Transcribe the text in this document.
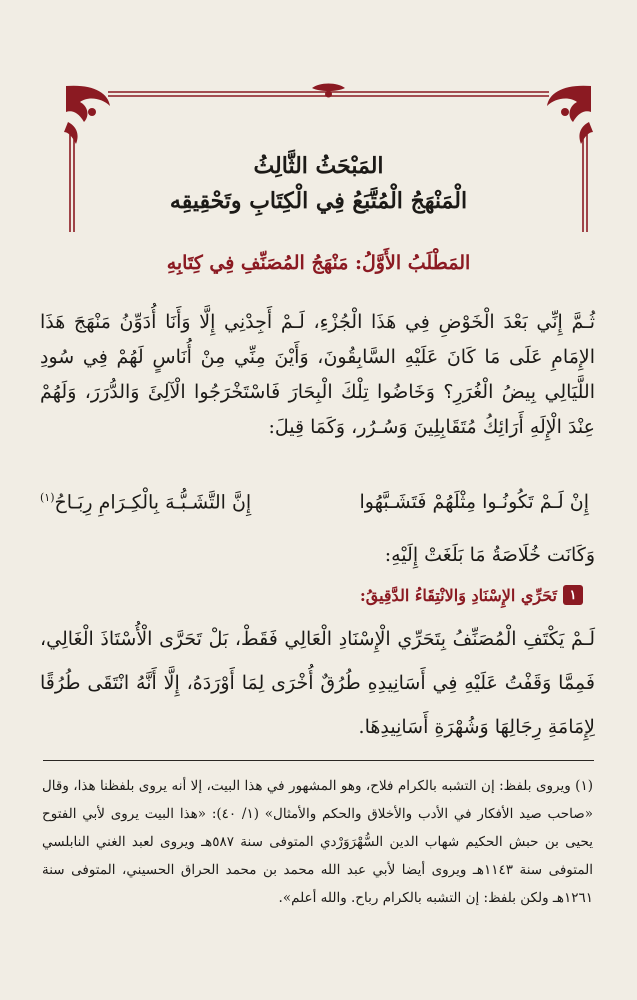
المَبْحَثُ الثَّالِثُ
الْمَنْهَجُ الْمُتَّبَعُ فِي الْكِتَابِ وتَحْقِيقِه
المَطْلَبُ الأَوَّلُ: مَنْهَجُ المُصَنِّفِ فِي كِتَابِهِ
ثُـمَّ إِنِّي بَعْدَ الْخَوْضِ فِي هَذَا الْجُزْءِ، لَـمْ أَجِدْنِي إِلَّا وَأَنَا أُدَوِّنُ مَنْهَجَ هَذَا الإِمَامِ عَلَى مَا كَانَ عَلَيْهِ السَّابِقُونَ، وَأَيْنَ مِنِّي مِنْ أُنَاسٍ لَهُمْ فِي سُودِ اللَّيَالِي بِيضُ الْغُرَرِ؟ وَخَاضُوا تِلْكَ الْبِحَارَ فَاسْتَخْرَجُوا الْآلِئَ وَالدُّرَرَ، وَلَهُمْ عِنْدَ الْإِلَهِ أَرَائِكُ مُتَقَابِلِينَ وَسُـرُر، وَكَمَا قِيلَ:
إِنْ لَـمْ تَكُونُـوا مِثْلَهُمْ فَتَشَـبَّهُوا
إِنَّ التَّشَـبُّـهَ بِالْكِـرَامِ رِبَـاحُ$^{(١)}$
وَكَانَت خُلَاصَةُ مَا بَلَغَتْ إِلَيْهِ:
١
تَحَرِّي الإِسْنَادِ وَالانْتِقَاءُ الدَّقِيقُ:
لَـمْ يَكْتَفِ الْمُصَنِّفُ بِتَحَرِّي الْإِسْنَادِ الْعَالِي فَقَطْ، بَلْ تَحَرَّى الْأُسْتَاذَ الْغَالِي، فَمِمَّا وَقَفْتُ عَلَيْهِ فِي أَسَانِيدِهِ طُرُقٌ أُخْرَى لِمَا أَوْرَدَهُ، إِلَّا أَنَّهُ انْتَقَى طُرُقًا لِإِمَامَةِ رِجَالِهَا وَشُهْرَةِ أَسَانِيدِهَا.
(١) ويروى بلفظ: إن التشبه بالكرام فلاح، وهو المشهور في هذا البيت، إلا أنه يروى بلفظنا هذا، وقال «صاحب صيد الأفكار في الأدب والأخلاق والحكم والأمثال» (١/ ٤٠): «هذا البيت يروى لأبي الفتوح يحيى بن حبش الحكيم شهاب الدين السُّهْرَوَرْدي المتوفى سنة ٥٨٧هـ ويروى لعبد الغني النابلسي المتوفى سنة ١١٤٣هـ ويروى أيضا لأبي عبد الله محمد بن محمد الحراق الحسيني، المتوفى سنة ١٢٦١هـ ولكن بلفظ: إن التشبه بالكرام رباح. والله أعلم».
